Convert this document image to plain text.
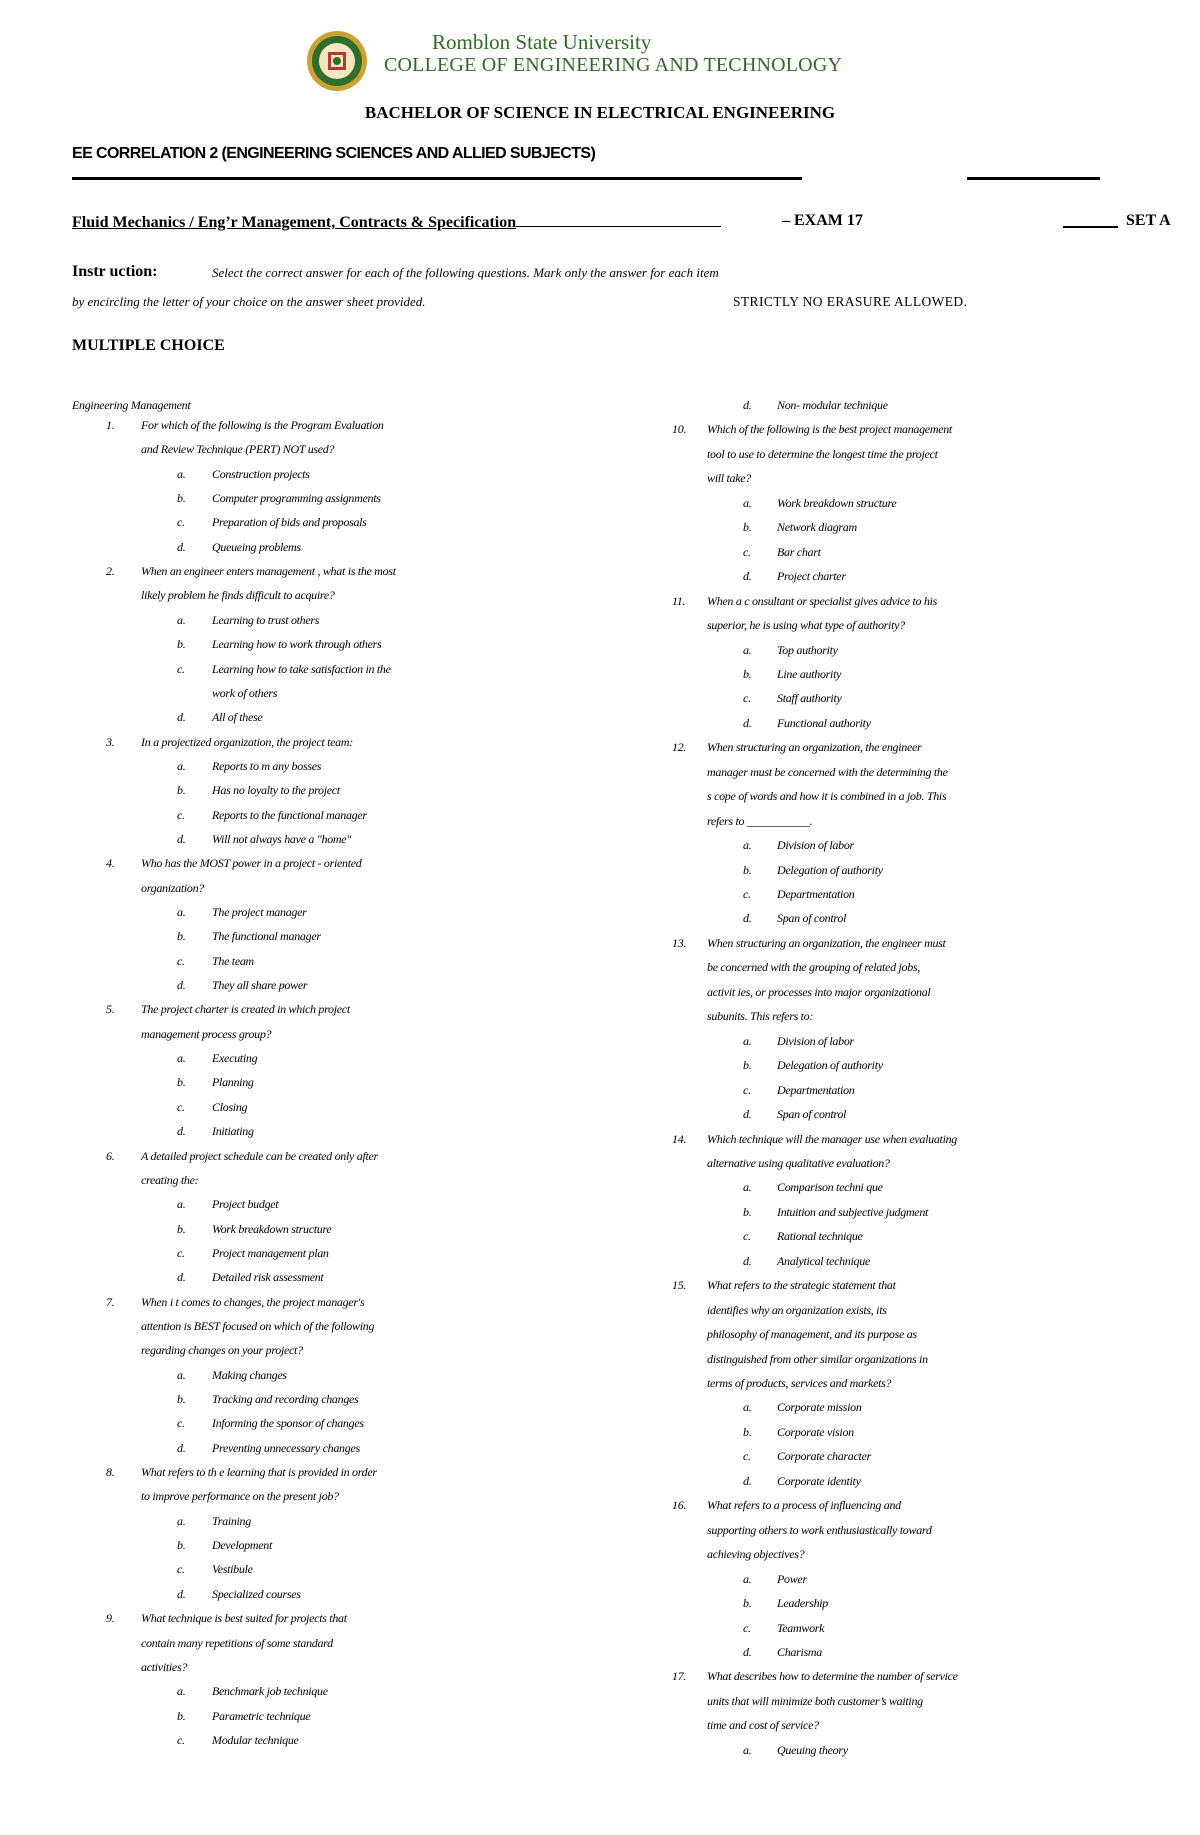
Romblon State University
COLLEGE OF ENGINEERING AND TECHNOLOGY
BACHELOR OF SCIENCE IN ELECTRICAL ENGINEERING
EE CORRELATION 2 (ENGINEERING SCIENCES AND ALLIED SUBJECTS)
Fluid Mechanics / Eng’r Management, Contracts & Specification	– EXAM 17	SET A
Instr uction:	Select the correct answer for each of the following questions. Mark only the answer for each item
by encircling the letter of your choice on the answer sheet provided.	STRICTLY NO ERASURE ALLOWED.
MULTIPLE CHOICE
Engineering Management
1. For which of the following is the Program Evaluation
and Review Technique (PERT) NOT used?
a. Construction projects
b. Computer programming assignments
c. Preparation of bids and proposals
d. Queueing problems
2. When an engineer enters management , what is the most
likely problem he finds difficult to acquire?
a. Learning to trust others
b. Learning how to work through others
c. Learning how to take satisfaction in the
work of others
d. All of these
3. In a projectized organization, the project team:
a. Reports to m any bosses
b. Has no loyalty to the project
c. Reports to the functional manager
d. Will not always have a "home"
4. Who has the MOST power in a project - oriented
organization?
a. The project manager
b. The functional manager
c. The team
d. They all share power
5. The project charter is created in which project
management process group?
a. Executing
b. Planning
c. Closing
d. Initiating
6. A detailed project schedule can be created only after
creating the:
a. Project budget
b. Work breakdown structure
c. Project management plan
d. Detailed risk assessment
7. When i t comes to changes, the project manager's
attention is BEST focused on which of the following
regarding changes on your project?
a. Making changes
b. Tracking and recording changes
c. Informing the sponsor of changes
d. Preventing unnecessary changes
8. What refers to th e learning that is provided in order
to improve performance on the present job?
a. Training
b. Development
c. Vestibule
d. Specialized courses
9. What technique is best suited for projects that
contain many repetitions of some standard
activities?
a. Benchmark job technique
b. Parametric technique
c. Modular technique
d. Non- modular technique
10. Which of the following is the best project management
tool to use to determine the longest time the project
will take?
a. Work breakdown structure
b. Network diagram
c. Bar chart
d. Project charter
11. When a c onsultant or specialist gives advice to his
superior, he is using what type of authority?
a. Top authority
b. Line authority
c. Staff authority
d. Functional authority
12. When structuring an organization, the engineer
manager must be concerned with the determining the
s cope of words and how it is combined in a job. This
refers to ___________.
a. Division of labor
b. Delegation of authority
c. Departmentation
d. Span of control
13. When structuring an organization, the engineer must
be concerned with the grouping of related jobs,
activit ies, or processes into major organizational
subunits. This refers to:
a. Division of labor
b. Delegation of authority
c. Departmentation
d. Span of control
14. Which technique will the manager use when evaluating
alternative using qualitative evaluation?
a. Comparison techni que
b. Intuition and subjective judgment
c. Rational technique
d. Analytical technique
15. What refers to the strategic statement that
identifies why an organization exists, its
philosophy of management, and its purpose as
distinguished from other similar organizations in
terms of products, services and markets?
a. Corporate mission
b. Corporate vision
c. Corporate character
d. Corporate identity
16. What refers to a process of influencing and
supporting others to work enthusiastically toward
achieving objectives?
a. Power
b. Leadership
c. Teamwork
d. Charisma
17. What describes how to determine the number of service
units that will minimize both customer’s waiting
time and cost of service?
a. Queuing theory
